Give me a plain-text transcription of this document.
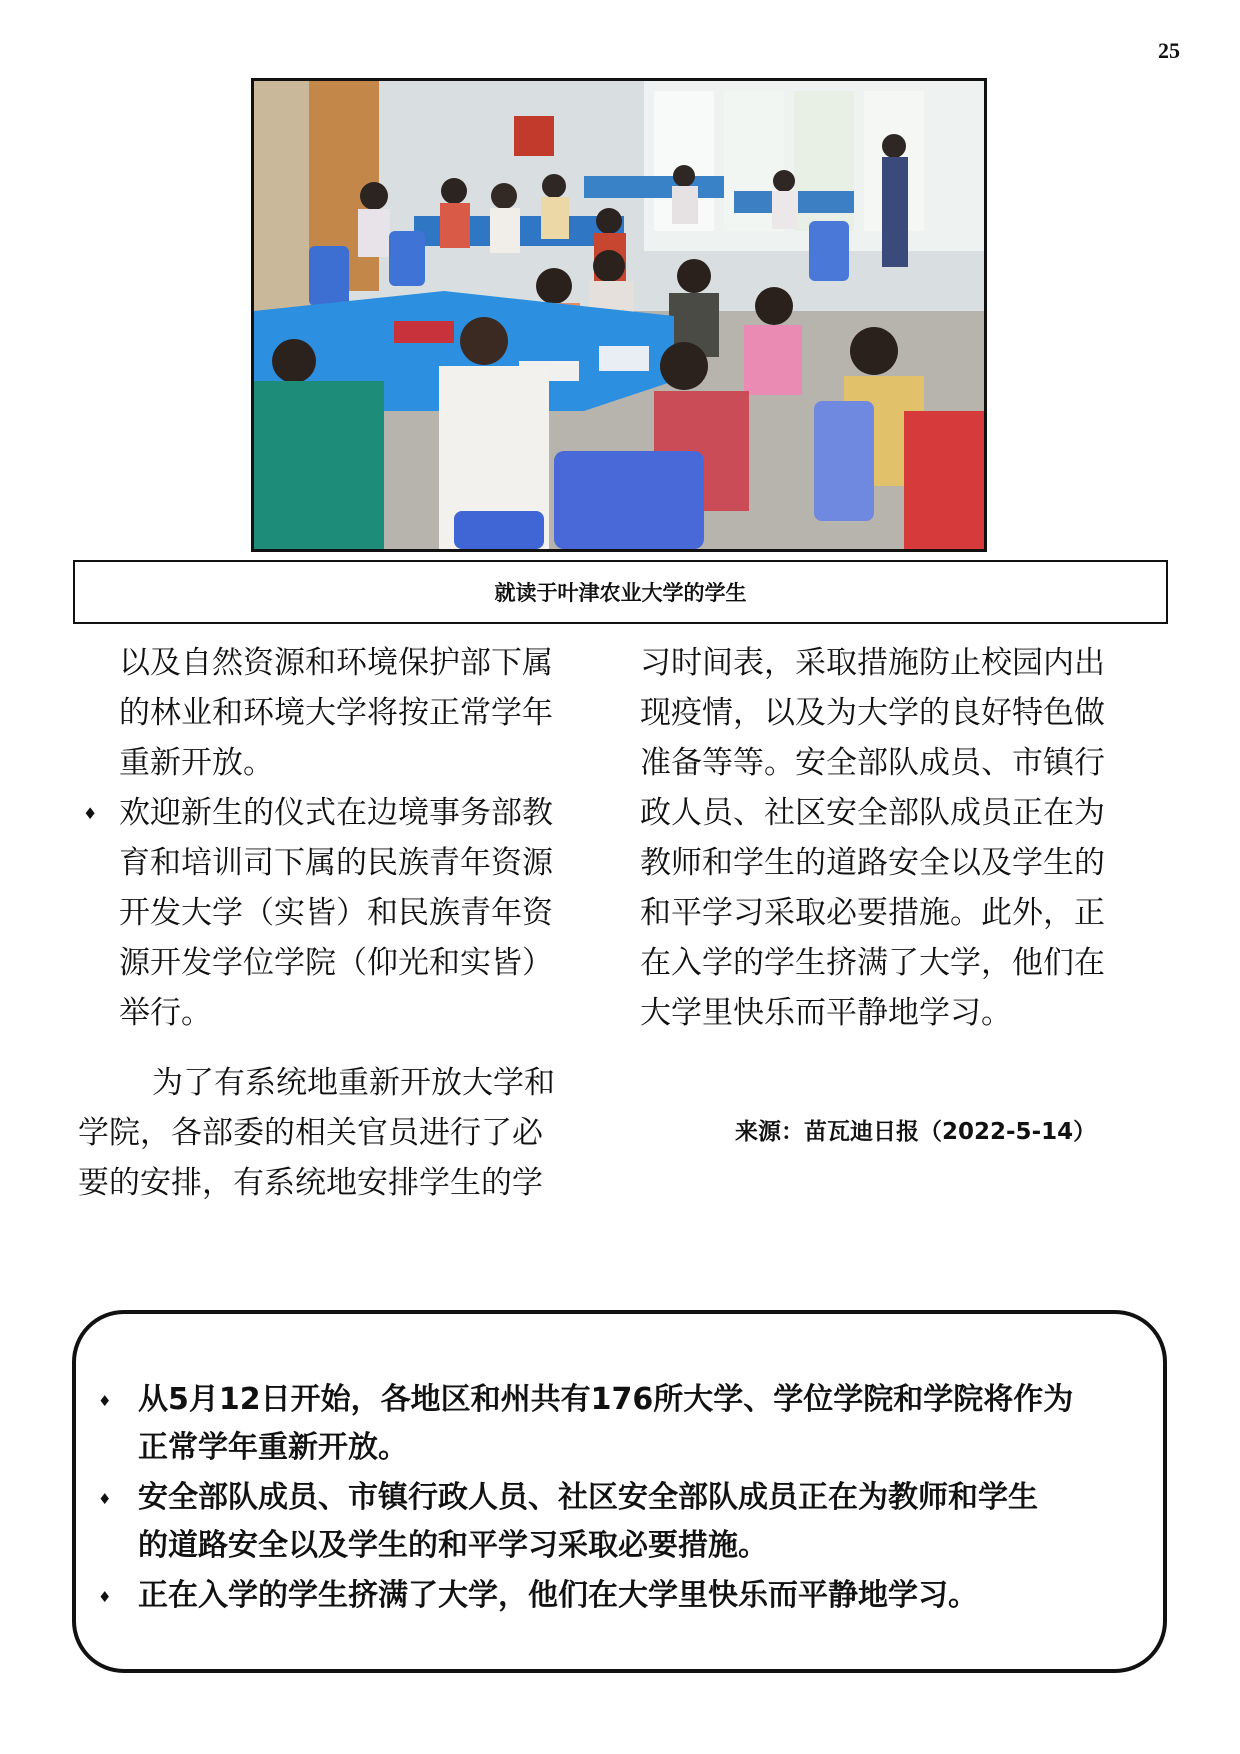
25
就读于叶津农业大学的学生
以及自然资源和环境保护部下属
的林业和环境大学将按正常学年
重新开放。
♦ 欢迎新生的仪式在边境事务部教
育和培训司下属的民族青年资源
开发大学（实皆）和民族青年资
源开发学位学院（仰光和实皆）
举行。
为了有系统地重新开放大学和
学院，各部委的相关官员进行了必
要的安排，有系统地安排学生的学
习时间表，采取措施防止校园内出
现疫情，以及为大学的良好特色做
准备等等。安全部队成员、市镇行
政人员、社区安全部队成员正在为
教师和学生的道路安全以及学生的
和平学习采取必要措施。此外，正
在入学的学生挤满了大学，他们在
大学里快乐而平静地学习。
来源：苗瓦迪日报（2022-5-14）
♦ 从5月12日开始，各地区和州共有176所大学、学位学院和学院将作为
正常学年重新开放。
♦ 安全部队成员、市镇行政人员、社区安全部队成员正在为教师和学生
的道路安全以及学生的和平学习采取必要措施。
♦ 正在入学的学生挤满了大学，他们在大学里快乐而平静地学习。
